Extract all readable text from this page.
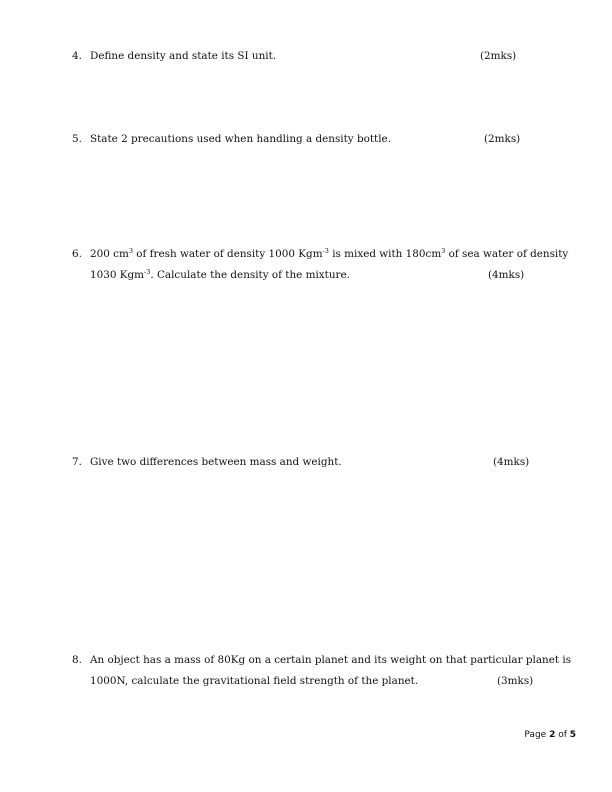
4. Define density and state its SI unit.	(2mks)
5. State 2 precautions used when handling a density bottle.	(2mks)
6. 200 $cm^3$ of fresh water of density 1000 Kgm$^{-3}$ is mixed with $180cm^3$ of sea water of density
1030 Kgm$^{-3}$. Calculate the density of the mixture.	(4mks)
7. Give two differences between mass and weight.	(4mks)
8. An object has a mass of 80Kg on a certain planet and its weight on that particular planet is
1000N, calculate the gravitational field strength of the planet.	(3mks)
Page 2 of 5
